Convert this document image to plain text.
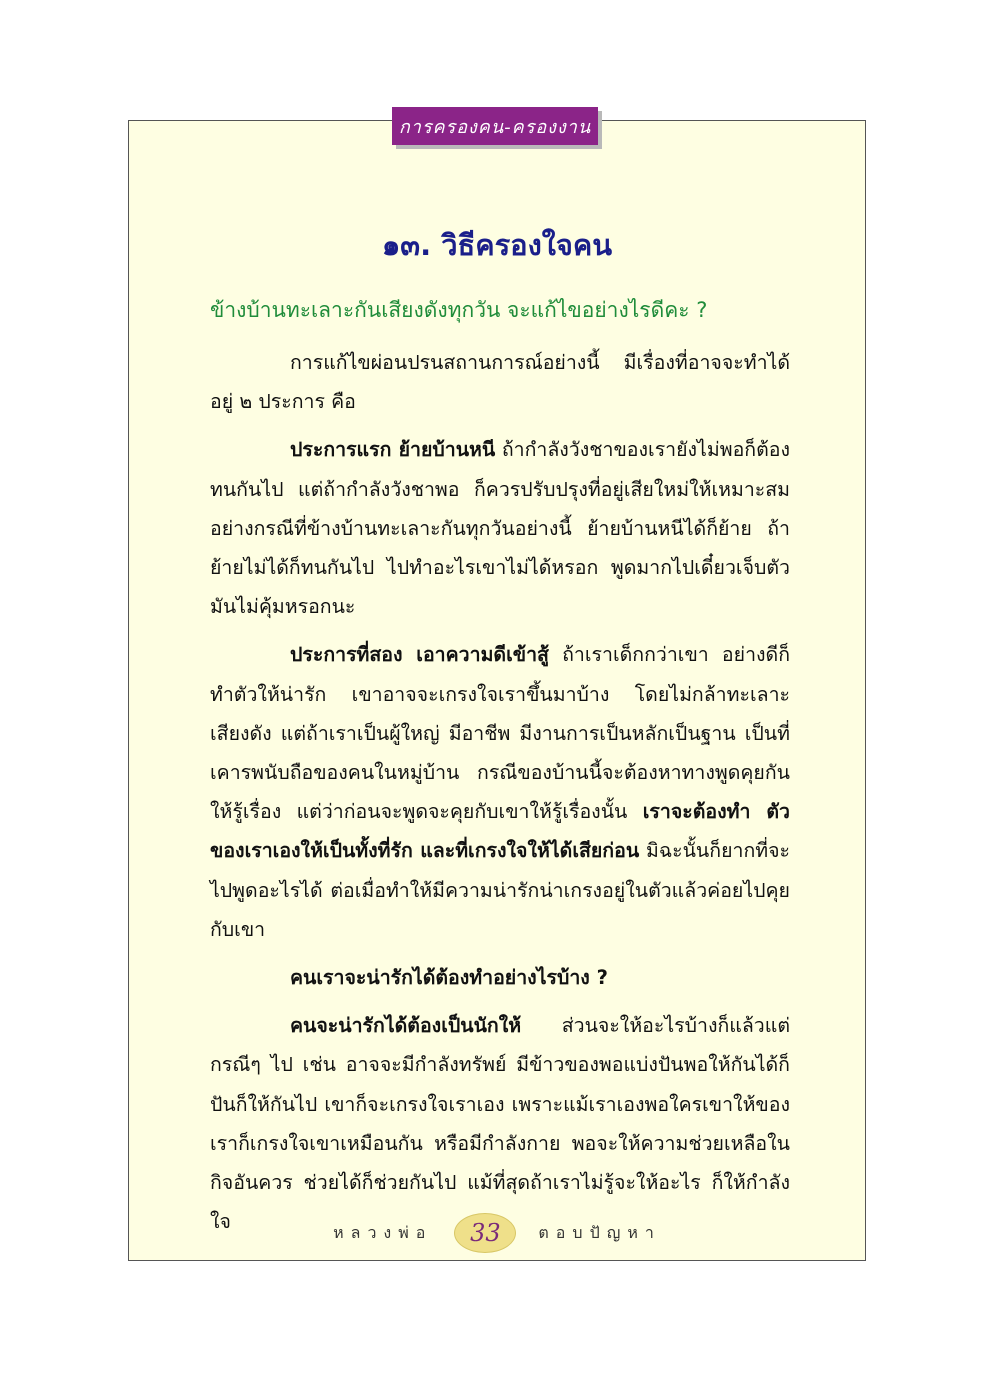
การครองคน-ครองงาน
๑๓. วิธีครองใจคน

ข้างบ้านทะเลาะกันเสียงดังทุกวัน จะแก้ไขอย่างไรดีคะ ?

การแก้ไขผ่อนปรนสถานการณ์อย่างนี้ มีเรื่องที่อาจจะทำได้อยู่ ๒ ประการ คือ

ประการแรก ย้ายบ้านหนี ถ้ากำลังวังชาของเรายังไม่พอก็ต้องทนกันไป แต่ถ้ากำลังวังชาพอ ก็ควรปรับปรุงที่อยู่เสียใหม่ให้เหมาะสม อย่างกรณีที่ข้างบ้านทะเลาะกันทุกวันอย่างนี้ ย้ายบ้านหนีได้ก็ย้าย ถ้าย้ายไม่ได้ก็ทนกันไป ไปทำอะไรเขาไม่ได้หรอก พูดมากไปเดี๋ยวเจ็บตัว มันไม่คุ้มหรอกนะ

ประการที่สอง เอาความดีเข้าสู้ ถ้าเราเด็กกว่าเขา อย่างดีก็ทำตัวให้น่ารัก เขาอาจจะเกรงใจเราขึ้นมาบ้าง โดยไม่กล้าทะเลาะเสียงดัง แต่ถ้าเราเป็นผู้ใหญ่ มีอาชีพ มีงานการเป็นหลักเป็นฐาน เป็นที่เคารพนับถือของคนในหมู่บ้าน กรณีของบ้านนี้จะต้องหาทางพูดคุยกันให้รู้เรื่อง แต่ว่าก่อนจะพูดจะคุยกับเขาให้รู้เรื่องนั้น เราจะต้องทำ ตัวของเราเองให้เป็นทั้งที่รัก และที่เกรงใจให้ได้เสียก่อน มิฉะนั้นก็ยากที่จะไปพูดอะไรได้ ต่อเมื่อทำให้มีความน่ารักน่าเกรงอยู่ในตัวแล้วค่อยไปคุยกับเขา

คนเราจะน่ารักได้ต้องทำอย่างไรบ้าง ?

คนจะน่ารักได้ต้องเป็นนักให้ ส่วนจะให้อะไรบ้างก็แล้วแต่กรณีๆ ไป เช่น อาจจะมีกำลังทรัพย์ มีข้าวของพอแบ่งปันพอให้กันได้ก็ปันก็ให้กันไป เขาก็จะเกรงใจเราเอง เพราะแม้เราเองพอใครเขาให้ของเราก็เกรงใจเขาเหมือนกัน หรือมีกำลังกาย พอจะให้ความช่วยเหลือในกิจอันควร ช่วยได้ก็ช่วยกันไป แม้ที่สุดถ้าเราไม่รู้จะให้อะไร ก็ให้กำลังใจ	หลวงพ่อ	33	ตอบปัญหา
